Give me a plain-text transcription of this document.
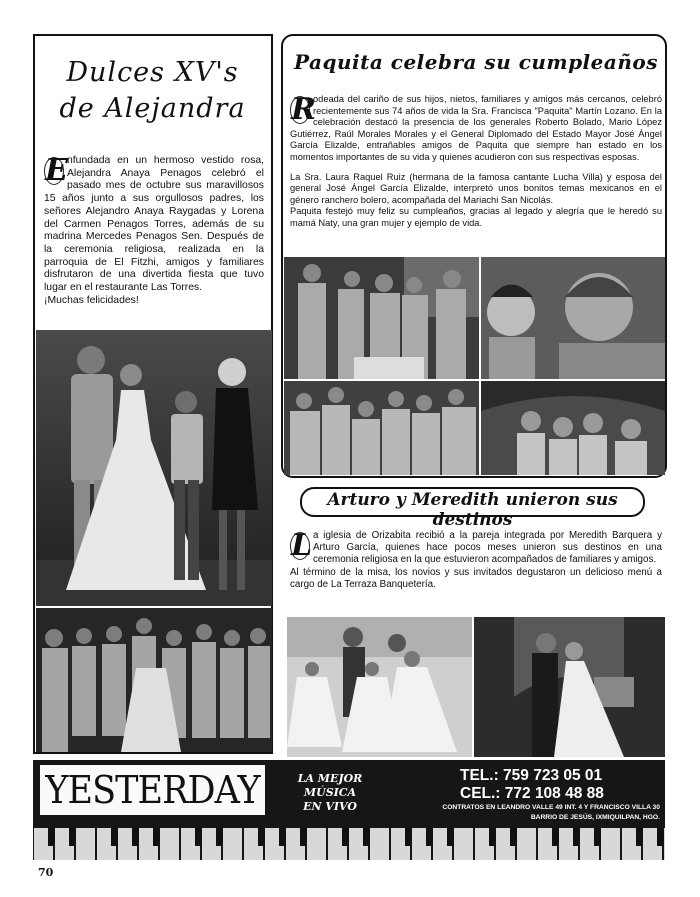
Dulces XV's
de Alejandra
E nfundada en un hermoso vestido rosa, Alejandra Anaya Penagos celebró el pasado mes de octubre sus maravillosos 15 años junto a sus orgullosos padres, los señores Alejandro Anaya Raygadas y Lorena del Carmen Penagos Torres, además de su madrina Mercedes Penagos Sen. Después de la ceremonia religiosa, realizada en la parroquia de El Fitzhi, amigos y familiares disfrutaron de una divertida fiesta que tuvo lugar en el restaurante Las Torres.
¡Muchas felicidades!
Paquita celebra su cumpleaños

R
odeada del cariño de sus hijos, nietos, familiares y amigos más cercanos, celebró recientemente sus 74 años de vida la Sra. Francisca "Paquita" Martín Lozano. En la celebración destacó la presencia de los generales Roberto Bolado, Mario López Gutiérrez, Raúl Morales Morales y el General Diplomado del Estado Mayor José Ángel García Elizalde, entrañables amigos de Paquita que siempre han estado en los momentos importantes de su vida y quienes acudieron con sus respectivas esposas.

La Sra. Laura Raquel Ruiz (hermana de la famosa cantante Lucha Villa) y esposa del general José Ángel García Elizalde, interpretó unos bonitos temas mexicanos en el género ranchero bolero, acompañada del Mariachi San Nicolás.

Paquita festejó muy feliz su cumpleaños, gracias al legado y alegría que le heredó su mamá Naty, una gran mujer y ejemplo de vida.

Arturo y Meredith unieron sus destinos
L a iglesia de Orizabita recibió a la pareja integrada por Meredith Barquera y Arturo García, quienes hace pocos meses unieron sus destinos en una ceremonia religiosa en la que estuvieron acompañados de familiares y amigos.
Al término de la misa, los novios y sus invitados degustaron un delicioso menú a cargo de La Terraza Banquetería.
YESTERDAY	LA MEJOR MÚSICA
EN VIVO
TEL.: 759 723 05 01
CEL.: 772 108 48 88
CONTRATOS EN LEANDRO VALLE 49 INT. 4 Y FRANCISCO VILLA 30
BARRIO DE JESÚS, IXMIQUILPAN, HGO.
70
